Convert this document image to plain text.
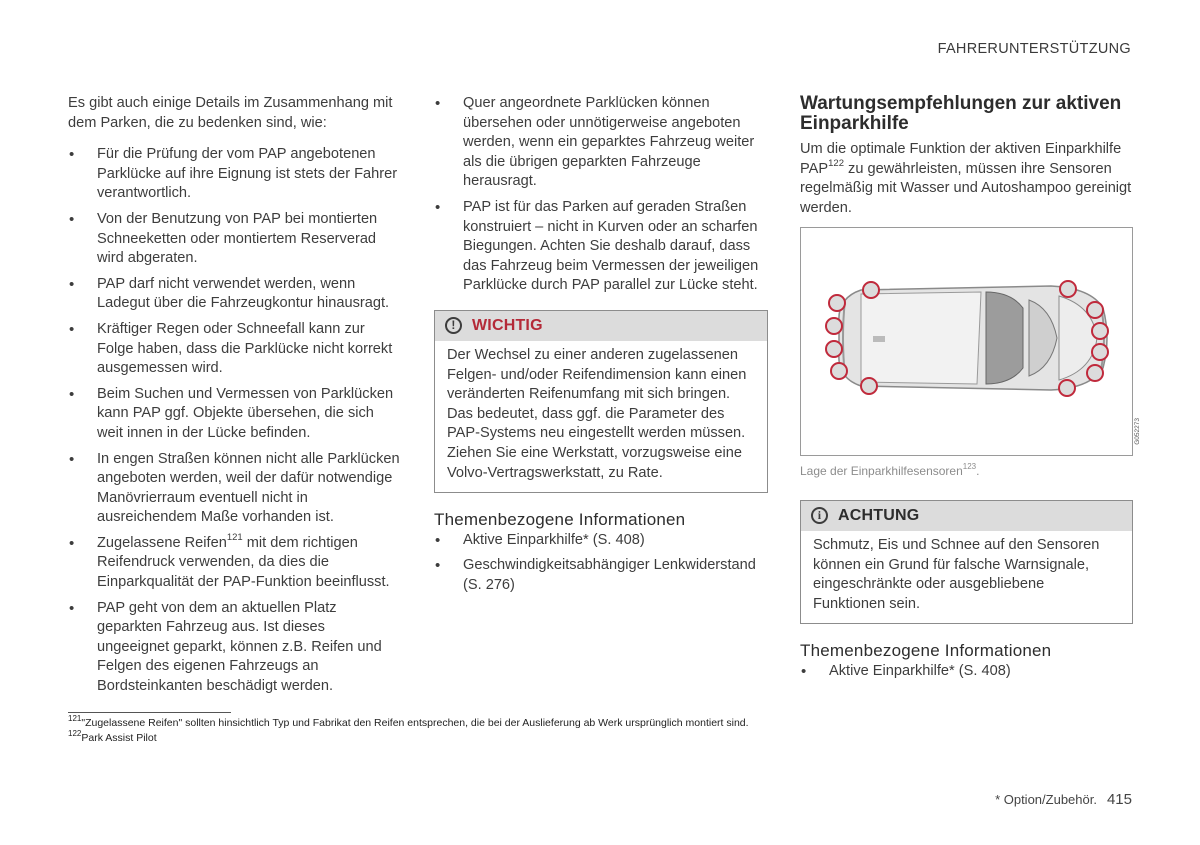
FAHRERUNTERSTÜTZUNG

Es gibt auch einige Details im Zusammenhang mit dem Parken, die zu bedenken sind, wie:

• Für die Prüfung der vom PAP angebotenen Parklücke auf ihre Eignung ist stets der Fahrer verantwortlich.
• Von der Benutzung von PAP bei montierten Schneeketten oder montiertem Reserverad wird abgeraten.
• PAP darf nicht verwendet werden, wenn Ladegut über die Fahrzeugkontur hinausragt.
• Kräftiger Regen oder Schneefall kann zur Folge haben, dass die Parklücke nicht korrekt ausgemessen wird.
• Beim Suchen und Vermessen von Parklücken kann PAP ggf. Objekte übersehen, die sich weit innen in der Lücke befinden.
• In engen Straßen können nicht alle Parklücken angeboten werden, weil der dafür notwendige Manövrierraum eventuell nicht in ausreichendem Maße vorhanden ist.
• Zugelassene Reifen$^{121}$ mit dem richtigen Reifendruck verwenden, da dies die Einparkqualität der PAP-Funktion beeinflusst.
• PAP geht von dem an aktuellen Platz geparkten Fahrzeug aus. Ist dieses ungeeignet geparkt, können z.B. Reifen und Felgen des eigenen Fahrzeugs an Bordsteinkanten beschädigt werden.
• Quer angeordnete Parklücken können übersehen oder unnötigerweise angeboten werden, wenn ein geparktes Fahrzeug weiter als die übrigen geparkten Fahrzeuge herausragt.
• PAP ist für das Parken auf geraden Straßen konstruiert – nicht in Kurven oder an scharfen Biegungen. Achten Sie deshalb darauf, dass das Fahrzeug beim Vermessen der jeweiligen Parklücke durch PAP parallel zur Lücke steht.
!	WICHTIG
Der Wechsel zu einer anderen zugelassenen Felgen- und/oder Reifendimension kann einen veränderten Reifenumfang mit sich bringen. Das bedeutet, dass ggf. die Parameter des PAP-Systems neu eingestellt werden müssen. Ziehen Sie eine Werkstatt, vorzugsweise eine Volvo-Vertragswerkstatt, zu Rate.
Themenbezogene Informationen
• Aktive Einparkhilfe* (S. 408)
• Geschwindigkeitsabhängiger Lenkwiderstand (S. 276)
Wartungsempfehlungen zur aktiven Einparkhilfe

Um die optimale Funktion der aktiven Einparkhilfe PAP$^{122}$ zu gewährleisten, müssen ihre Sensoren regelmäßig mit Wasser und Autoshampoo gereinigt werden.

G052273

Lage der Einparkhilfesensoren$^{123}$.

i	ACHTUNG
Schmutz, Eis und Schnee auf den Sensoren können ein Grund für falsche Warnsignale, eingeschränkte oder ausgebliebene Funktionen sein.
Themenbezogene Informationen
• Aktive Einparkhilfe* (S. 408)
$^{121}$"Zugelassene Reifen" sollten hinsichtlich Typ und Fabrikat den Reifen entsprechen, die bei der Auslieferung ab Werk ursprünglich montiert sind.
$^{122}$Park Assist Pilot
* Option/Zubehör. 415
